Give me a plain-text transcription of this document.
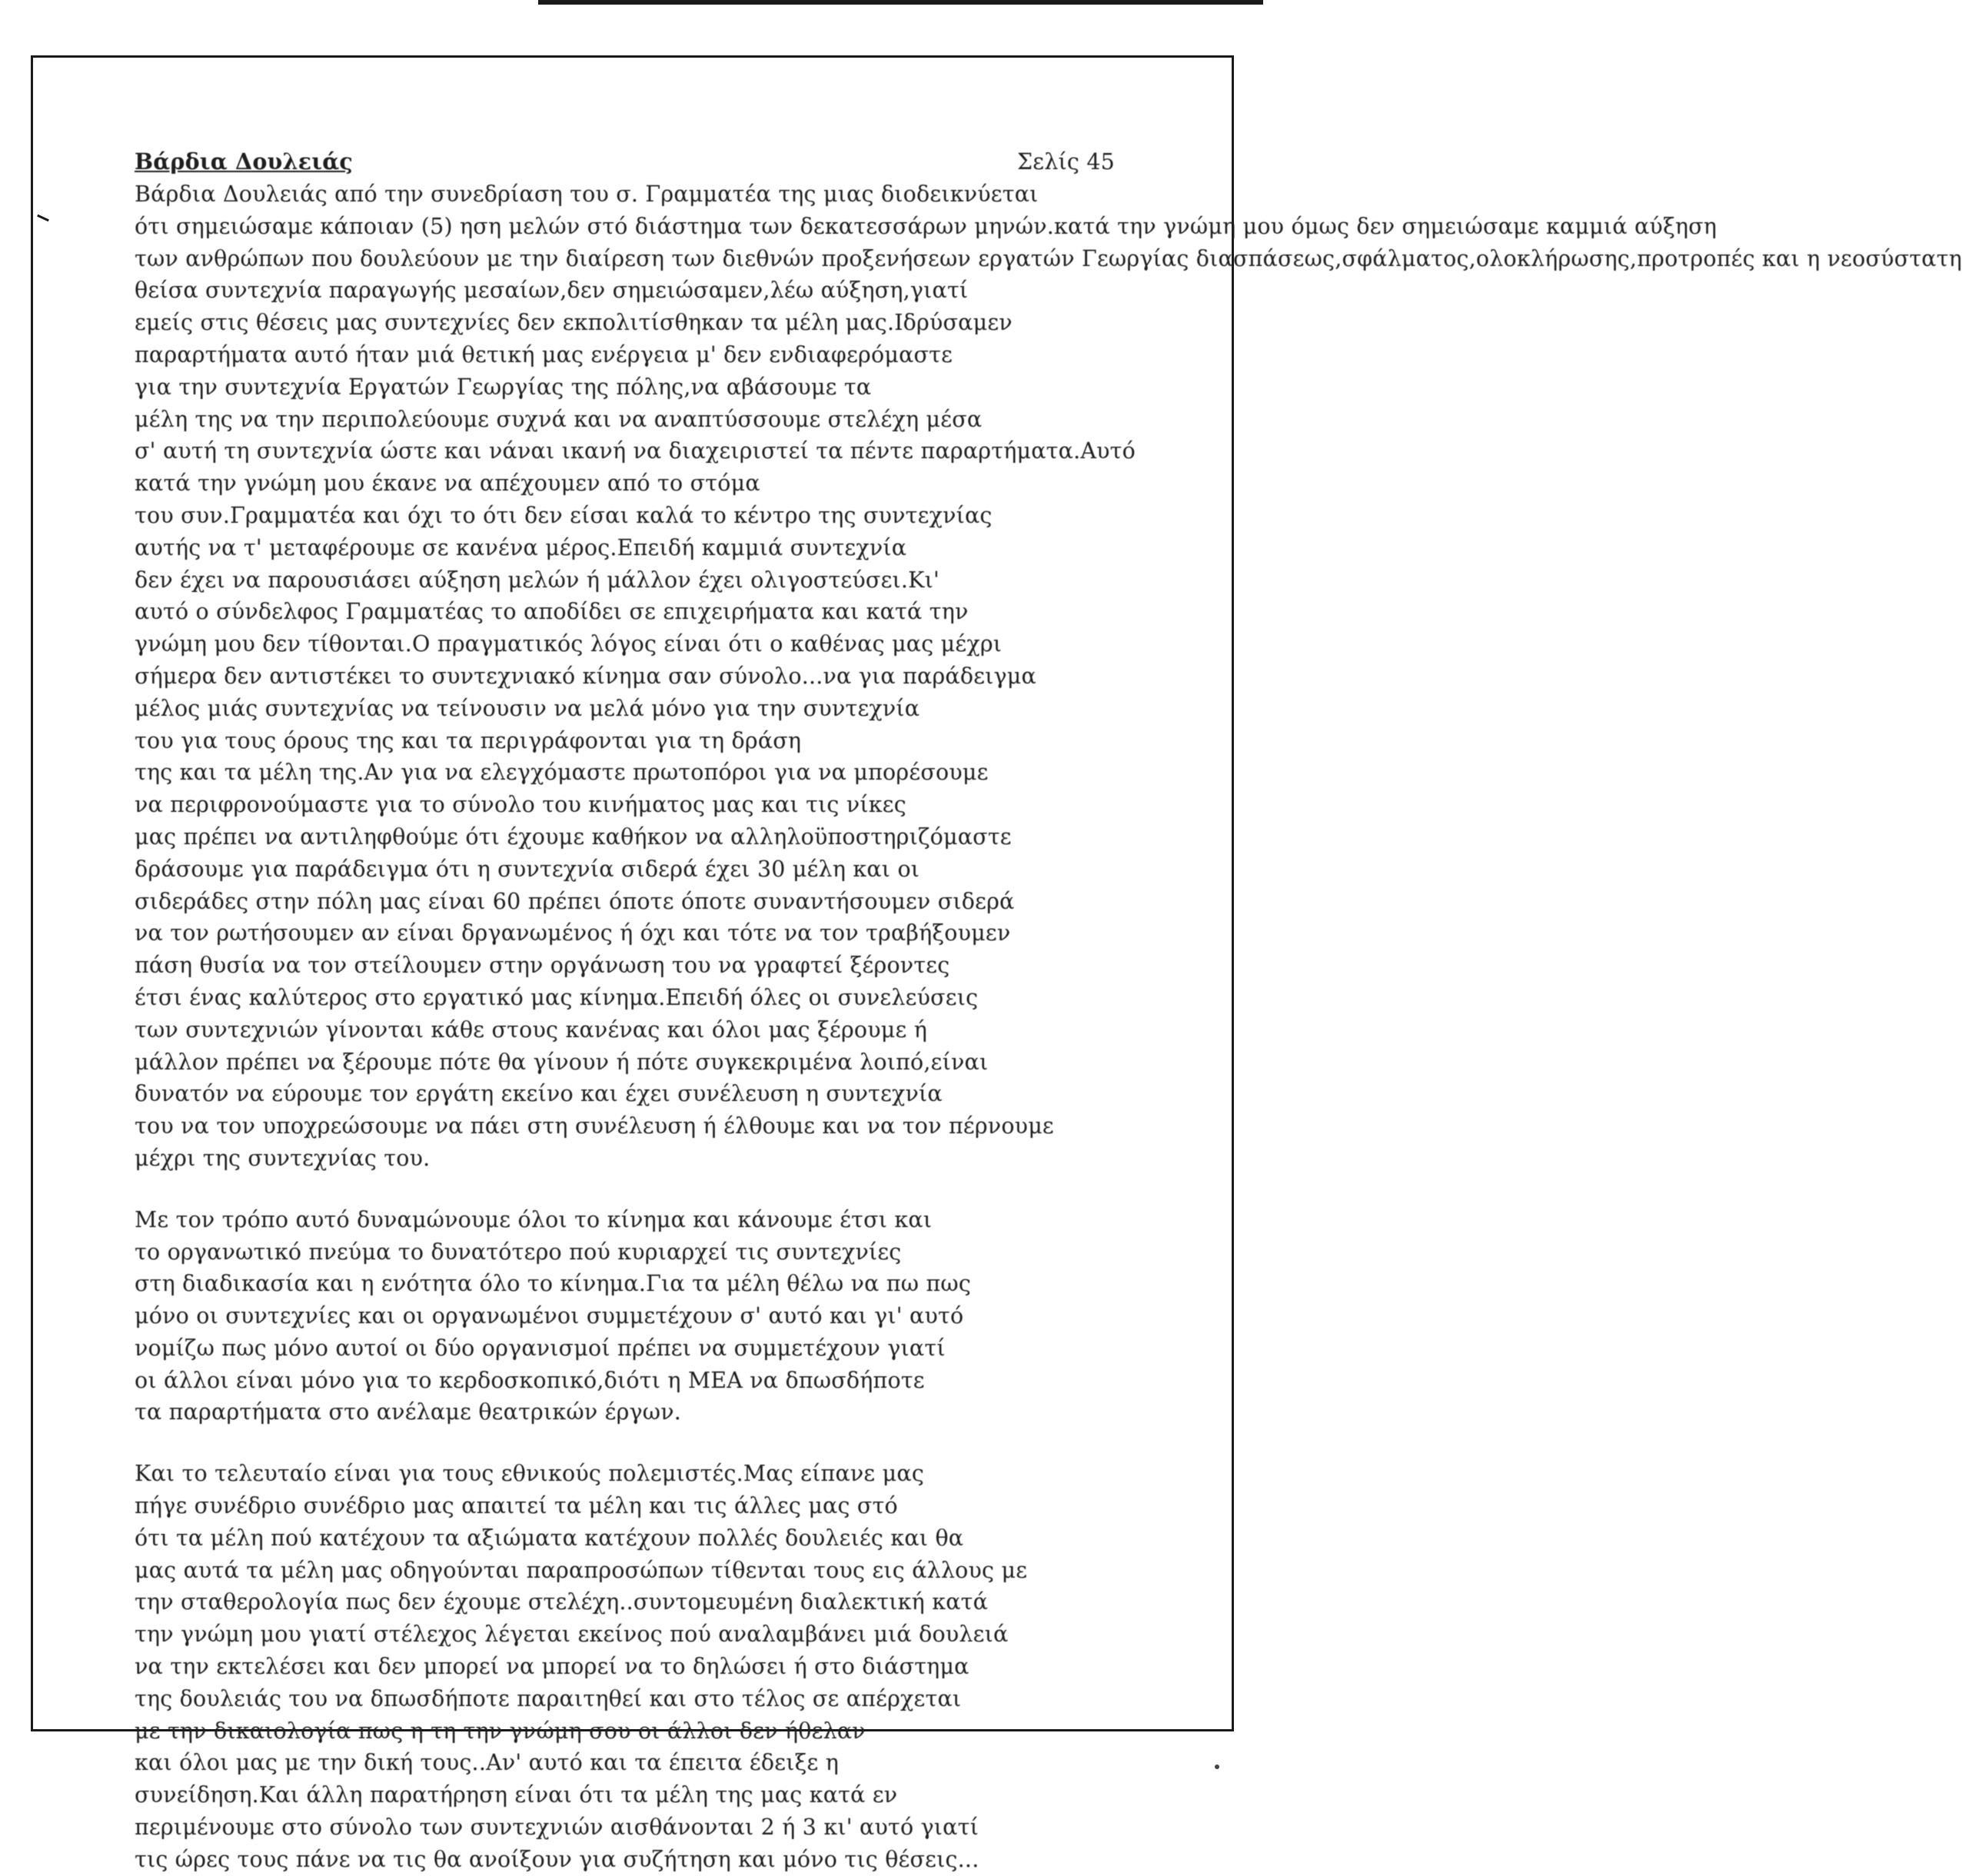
Βάρδια Δουλειάς	Σελίς 45
Βάρδια Δουλειάς από την συνεδρίαση του σ. Γραμματέα της μιας διοδεικνύεται
ότι σημειώσαμε κάποιαν (5) ηση μελών στό διάστημα των δεκατεσσάρων μηνών.κατά την γνώμη μου όμως δεν σημειώσαμε καμμιά αύξηση
των ανθρώπων που δουλεύουν με την διαίρεση των διεθνών προξενήσεων εργατών Γεωργίας διασπάσεως,σφάλματος,ολοκλήρωσης,προτροπές και η νεοσύστατη
θείσα συντεχνία παραγωγής μεσαίων,δεν σημειώσαμεν,λέω αύξηση,γιατί
εμείς στις θέσεις μας συντεχνίες δεν εκπολιτίσθηκαν τα μέλη μας.Ιδρύσαμεν
παραρτήματα αυτό ήταν μιά θετική μας ενέργεια μ' δεν ενδιαφερόμαστε
για την συντεχνία Εργατών Γεωργίας της πόλης,να αβάσουμε τα
μέλη της να την περιπολεύουμε συχνά και να αναπτύσσουμε στελέχη μέσα
σ' αυτή τη συντεχνία ώστε και νάναι ικανή να διαχειριστεί τα πέντε παραρτήματα.Αυτό
κατά την γνώμη μου έκανε να απέχουμεν από το στόμα
του συν.Γραμματέα και όχι το ότι δεν είσαι καλά το κέντρο της συντεχνίας
αυτής να τ' μεταφέρουμε σε κανένα μέρος.Επειδή καμμιά συντεχνία
δεν έχει να παρουσιάσει αύξηση μελών ή μάλλον έχει ολιγοστεύσει.Κι'
αυτό ο σύνδελφος Γραμματέας το αποδίδει σε επιχειρήματα και κατά την
γνώμη μου δεν τίθονται.Ο πραγματικός λόγος είναι ότι ο καθένας μας μέχρι
σήμερα δεν αντιστέκει το συντεχνιακό κίνημα σαν σύνολο...να για παράδειγμα
μέλος μιάς συντεχνίας να τείνουσιν να μελά μόνο για την συντεχνία
του για τους όρους της και τα περιγράφονται για τη δράση
της και τα μέλη της.Αν για να ελεγχόμαστε πρωτοπόροι για να μπορέσουμε
να περιφρονούμαστε για το σύνολο του κινήματος μας και τις νίκες
μας πρέπει να αντιληφθούμε ότι έχουμε καθήκον να αλληλοϋποστηριζόμαστε
δράσουμε για παράδειγμα ότι η συντεχνία σιδερά έχει 30 μέλη και οι
σιδεράδες στην πόλη μας είναι 60 πρέπει όποτε όποτε συναντήσουμεν σιδερά
να τον ρωτήσουμεν αν είναι δργανωμένος ή όχι και τότε να τον τραβήξουμεν
πάση θυσία να τον στείλουμεν στην οργάνωση του να γραφτεί ξέροντες
έτσι ένας καλύτερος στο εργατικό μας κίνημα.Επειδή όλες οι συνελεύσεις
των συντεχνιών γίνονται κάθε στους κανένας και όλοι μας ξέρουμε ή
μάλλον πρέπει να ξέρουμε πότε θα γίνουν ή πότε συγκεκριμένα λοιπό,είναι
δυνατόν να εύρουμε τον εργάτη εκείνο και έχει συνέλευση η συντεχνία
του να τον υποχρεώσουμε να πάει στη συνέλευση ή έλθουμε και να τον πέρνουμε
μέχρι της συντεχνίας του.
Με τον τρόπο αυτό δυναμώνουμε όλοι το κίνημα και κάνουμε έτσι και
το οργανωτικό πνεύμα το δυνατότερο πού κυριαρχεί τις συντεχνίες
στη διαδικασία και η ενότητα όλο το κίνημα.Για τα μέλη θέλω να πω πως
μόνο οι συντεχνίες και οι οργανωμένοι συμμετέχουν σ' αυτό και γι' αυτό
νομίζω πως μόνο αυτοί οι δύο οργανισμοί πρέπει να συμμετέχουν γιατί
οι άλλοι είναι μόνο για το κερδοσκοπικό,διότι η ΜΕΑ να δπωσδήποτε
τα παραρτήματα στο ανέλαμε θεατρικών έργων.
Και το τελευταίο είναι για τους εθνικούς πολεμιστές.Μας είπανε μας
πήγε συνέδριο συνέδριο μας απαιτεί τα μέλη και τις άλλες μας στό
ότι τα μέλη πού κατέχουν τα αξιώματα κατέχουν πολλές δουλειές και θα
μας αυτά τα μέλη μας οδηγούνται παραπροσώπων τίθενται τους εις άλλους με
την σταθερολογία πως δεν έχουμε στελέχη..συντομευμένη διαλεκτική κατά
την γνώμη μου γιατί στέλεχος λέγεται εκείνος πού αναλαμβάνει μιά δουλειά
να την εκτελέσει και δεν μπορεί να μπορεί να το δηλώσει ή στο διάστημα
της δουλειάς του να δπωσδήποτε παραιτηθεί και στο τέλος σε απέρχεται
με την δικαιολογία πως η τη την γνώμη σου οι άλλοι δεν ήθελαν
και όλοι μας με την δική τους..Αν' αυτό και τα έπειτα έδειξε η
συνείδηση.Και άλλη παρατήρηση είναι ότι τα μέλη της μας κατά εν
περιμένουμε στο σύνολο των συντεχνιών αισθάνονται 2 ή 3 κι' αυτό γιατί
τις ώρες τους πάνε να τις θα ανοίξουν για συζήτηση και μόνο τις θέσεις...
